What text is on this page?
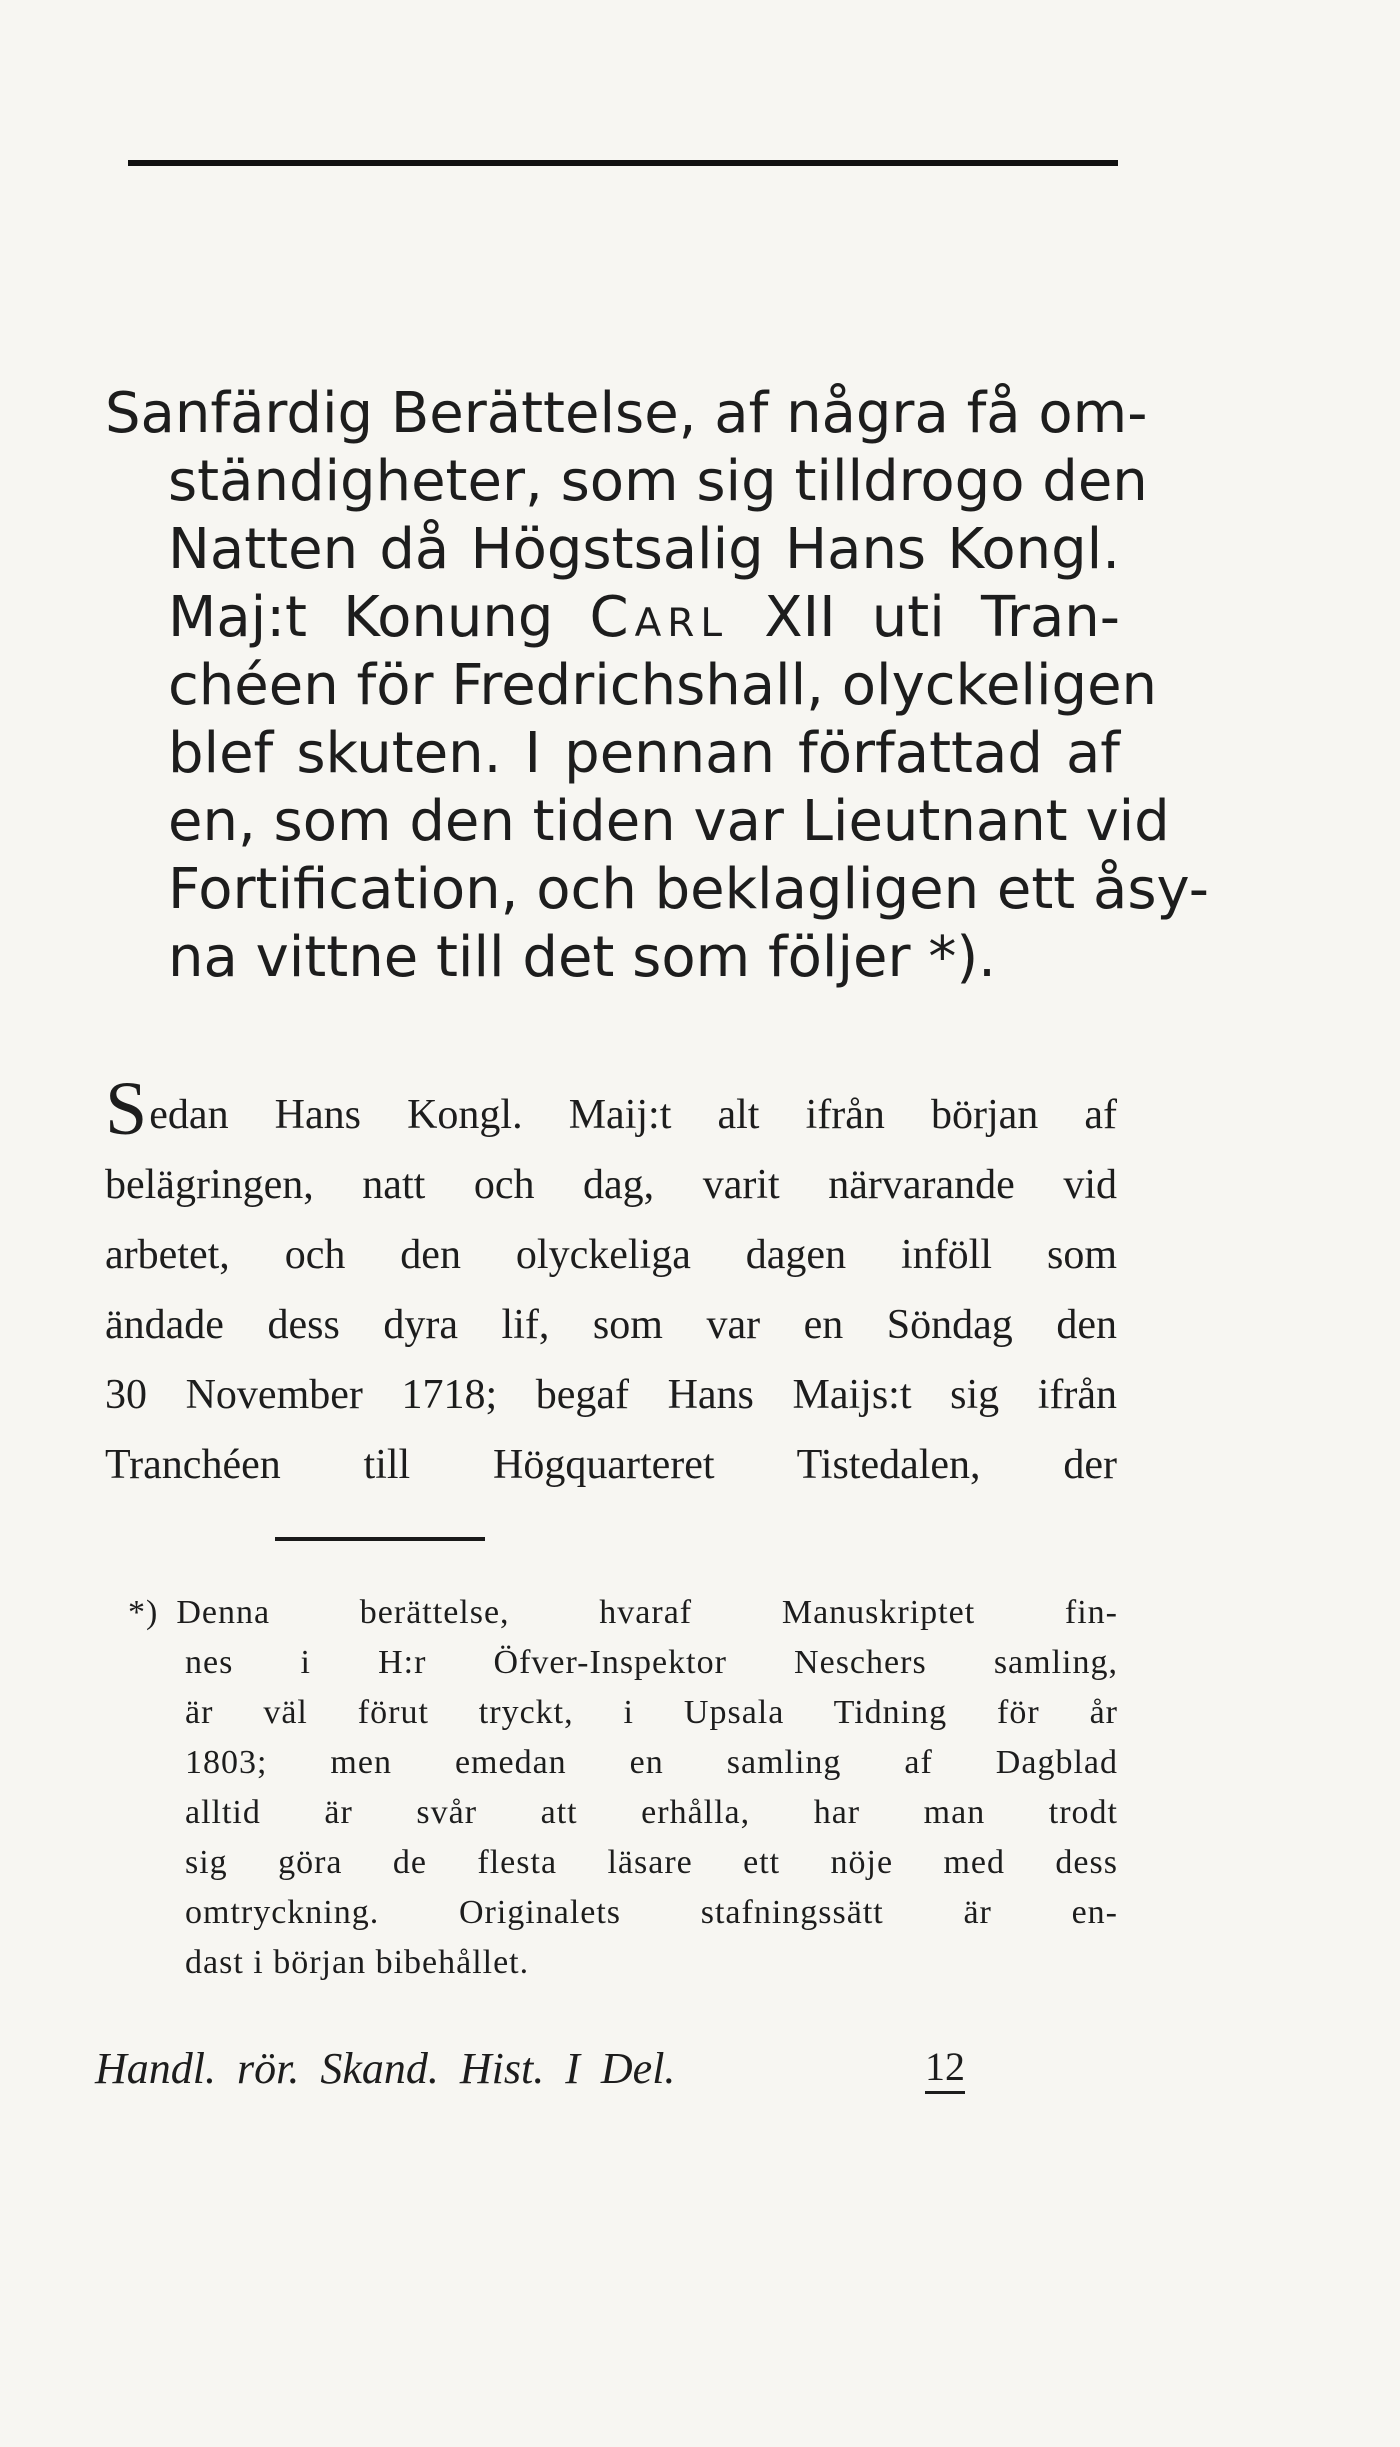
Sanfärdig Berättelse, af några få om-
ständigheter, som sig tilldrogo den
Natten då Högstsalig Hans Kongl.
Maj:t Konung Carl XII uti Tran-
chéen för Fredrichshall, olyckeligen
blef skuten. I pennan författad af
en, som den tiden var Lieutnant vid
Fortification, och beklagligen ett åsy-
na vittne till det som följer *).
Sedan Hans Kongl. Maij:t alt ifrån början af
belägringen, natt och dag, varit närvarande vid
arbetet, och den olyckeliga dagen inföll som
ändade dess dyra lif, som var en Söndag den
30 November 1718; begaf Hans Maijs:t sig ifrån
Tranchéen till Högquarteret Tistedalen, der
*) Denna berättelse, hvaraf Manuskriptet fin-
nes i H:r Öfver-Inspektor Neschers samling,
är väl förut tryckt, i Upsala Tidning för år
1803; men emedan en samling af Dagblad
alltid är svår att erhålla, har man trodt
sig göra de flesta läsare ett nöje med dess
omtryckning. Originalets stafningssätt är en-
dast i början bibehållet.
Handl. rör. Skand. Hist. I Del.	12
